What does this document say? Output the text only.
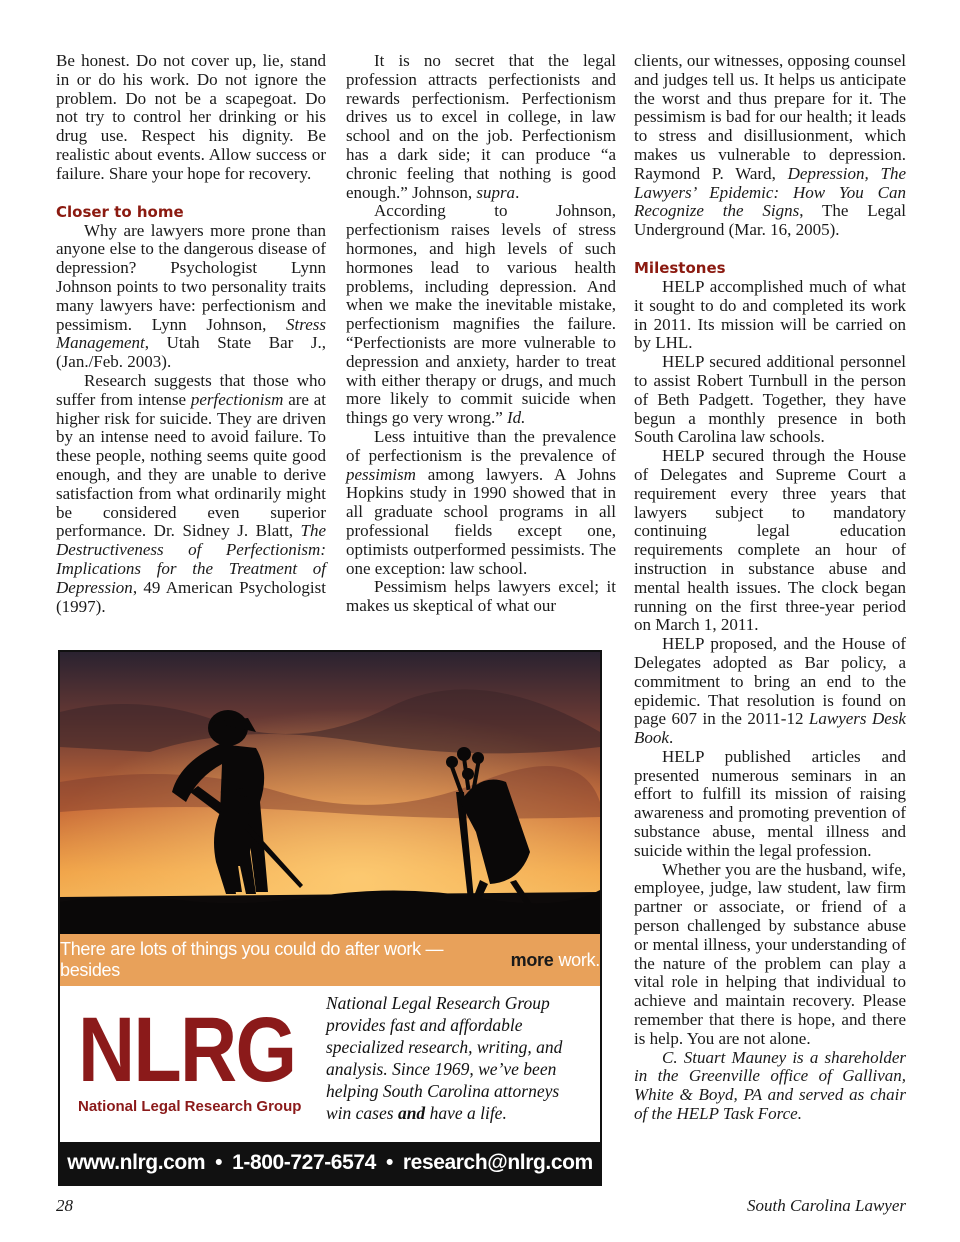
Be honest. Do not cover up, lie, stand in or do his work. Do not ignore the problem. Do not be a scapegoat. Do not try to control her drinking or his drug use. Respect his dignity. Be realistic about events. Allow success or failure. Share your hope for recovery.

Closer to home

Why are lawyers more prone than anyone else to the dangerous disease of depression? Psychologist Lynn Johnson points to two personality traits many lawyers have: perfectionism and pessimism. Lynn Johnson, Stress Management, Utah State Bar J., (Jan./Feb. 2003).

Research suggests that those who suffer from intense perfectionism are at higher risk for suicide. They are driven by an intense need to avoid failure. To these people, nothing seems quite good enough, and they are unable to derive satisfaction from what ordinarily might be considered even superior performance. Dr. Sidney J. Blatt, The Destructiveness of Perfectionism: Implications for the Treatment of Depression, 49 American Psychologist (1997).

It is no secret that the legal profession attracts perfectionists and rewards perfectionism. Perfectionism drives us to excel in college, in law school and on the job. Perfectionism has a dark side; it can produce “a chronic feeling that nothing is good enough.” Johnson, supra.

According to Johnson, perfectionism raises levels of stress hormones, and high levels of such hormones lead to various health problems, including depression. And when we make the inevitable mistake, perfectionism magnifies the failure. “Perfectionists are more vulnerable to depression and anxiety, harder to treat with either therapy or drugs, and much more likely to commit suicide when things go very wrong.” Id.

Less intuitive than the prevalence of perfectionism is the prevalence of pessimism among lawyers. A Johns Hopkins study in 1990 showed that in all graduate school programs in all professional fields except one, optimists outperformed pessimists. The one exception: law school.

Pessimism helps lawyers excel; it makes us skeptical of what our

clients, our witnesses, opposing counsel and judges tell us. It helps us anticipate the worst and thus prepare for it. The pessimism is bad for our health; it leads to stress and disillusionment, which makes us vulnerable to depression. Raymond P. Ward, Depression, The Lawyers’ Epidemic: How You Can Recognize the Signs, The Legal Underground (Mar. 16, 2005).

Milestones

HELP accomplished much of what it sought to do and completed its work in 2011. Its mission will be carried on by LHL.

HELP secured additional personnel to assist Robert Turnbull in the person of Beth Padgett. Together, they have begun a monthly presence in both South Carolina law schools.

HELP secured through the House of Delegates and Supreme Court a requirement every three years that lawyers subject to mandatory continuing legal education requirements complete an hour of instruction in substance abuse and mental health issues. The clock began running on the first three-year period on March 1, 2011.

HELP proposed, and the House of Delegates adopted as Bar policy, a commitment to bring an end to the epidemic. That resolution is found on page 607 in the 2011-12 Lawyers Desk Book.

HELP published articles and presented numerous seminars in an effort to fulfill its mission of raising awareness and promoting prevention of substance abuse, mental illness and suicide within the legal profession.

Whether you are the husband, wife, employee, judge, law student, law firm partner or associate, or friend of a person challenged by substance abuse or mental illness, your understanding of the nature of the problem can play a vital role in helping that individual to achieve and maintain recovery. Please remember that there is hope, and there is help. You are not alone.

C. Stuart Mauney is a shareholder in the Greenville office of Gallivan, White & Boyd, PA and served as chair of the HELP Task Force.

There are lots of things you could do after work — besides
more work.
NLRG
National Legal Research Group
National Legal Research Group provides fast and affordable specialized research, writing, and analysis. Since 1969, we’ve been helping South Carolina attorneys win cases and have a life.
www.nlrg.com • 1-800-727-6574 • research@nlrg.com
28	South Carolina Lawyer
